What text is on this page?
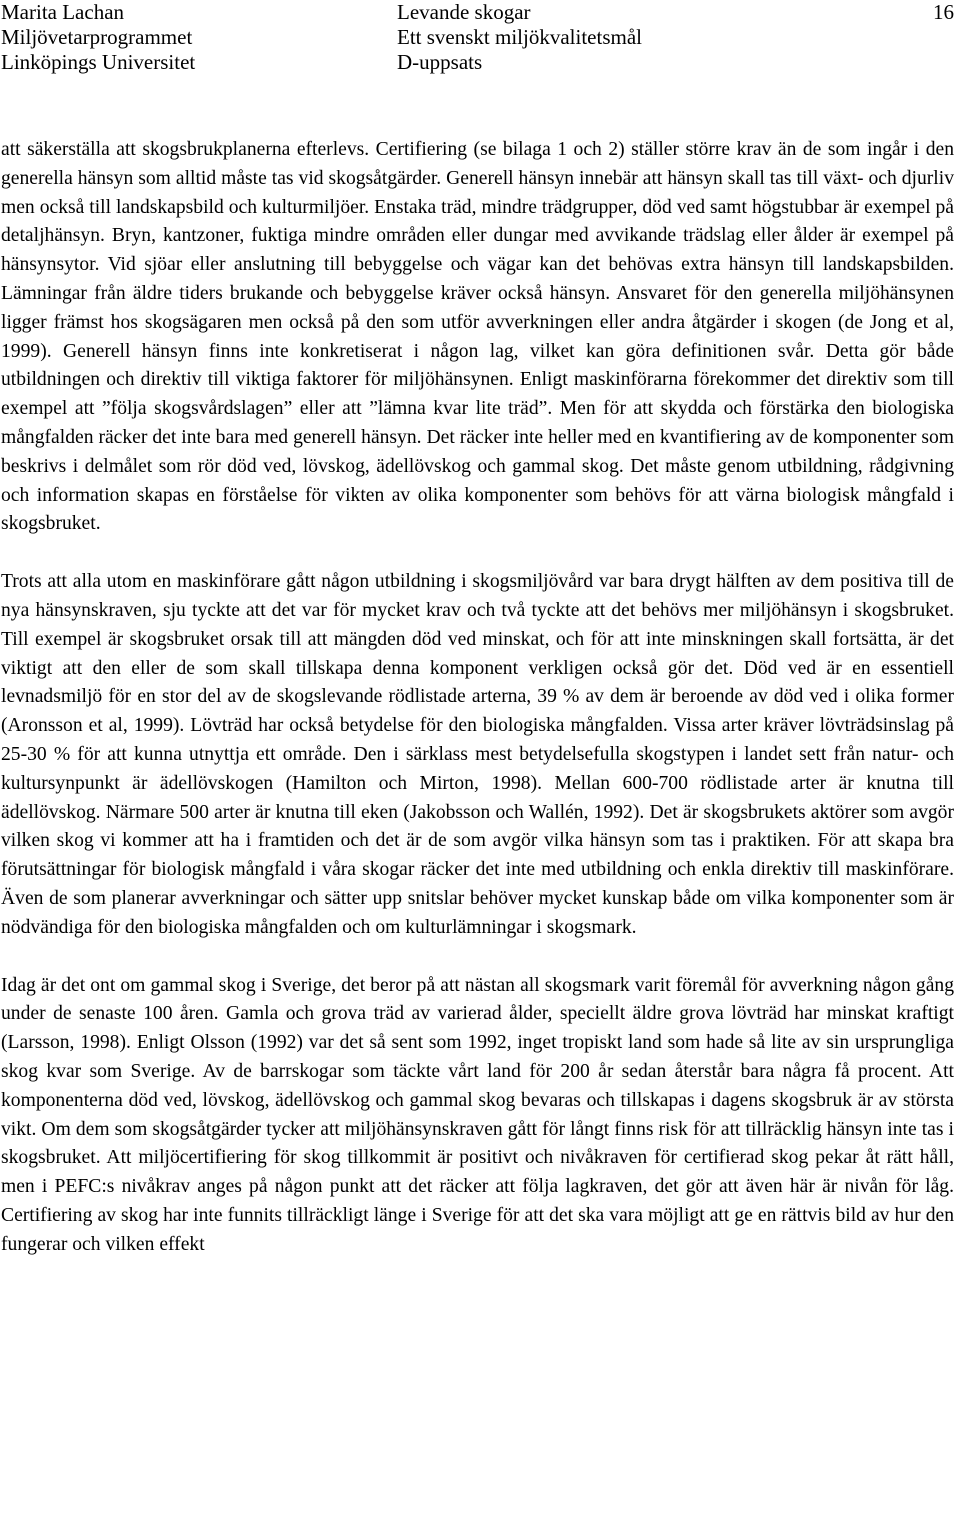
Marita Lachan
Miljövetarprogrammet
Linköpings Universitet
Levande skogar
Ett svenskt miljökvalitetsmål
D-uppsats
16

att säkerställa att skogsbrukplanerna efterlevs. Certifiering (se bilaga 1 och 2) ställer större krav än de som ingår i den generella hänsyn som alltid måste tas vid skogsåtgärder. Generell hänsyn innebär att hänsyn skall tas till växt- och djurliv men också till landskapsbild och kulturmiljöer. Enstaka träd, mindre trädgrupper, död ved samt högstubbar är exempel på detaljhänsyn. Bryn, kantzoner, fuktiga mindre områden eller dungar med avvikande trädslag eller ålder är exempel på hänsynsytor. Vid sjöar eller anslutning till bebyggelse och vägar kan det behövas extra hänsyn till landskapsbilden. Lämningar från äldre tiders brukande och bebyggelse kräver också hänsyn. Ansvaret för den generella miljöhänsynen ligger främst hos skogsägaren men också på den som utför avverkningen eller andra åtgärder i skogen (de Jong et al, 1999). Generell hänsyn finns inte konkretiserat i någon lag, vilket kan göra definitionen svår. Detta gör både utbildningen och direktiv till viktiga faktorer för miljöhänsynen. Enligt maskinförarna förekommer det direktiv som till exempel att ”följa skogsvårdslagen” eller att ”lämna kvar lite träd”. Men för att skydda och förstärka den biologiska mångfalden räcker det inte bara med generell hänsyn. Det räcker inte heller med en kvantifiering av de komponenter som beskrivs i delmålet som rör död ved, lövskog, ädellövskog och gammal skog. Det måste genom utbildning, rådgivning och information skapas en förståelse för vikten av olika komponenter som behövs för att värna biologisk mångfald i skogsbruket.

Trots att alla utom en maskinförare gått någon utbildning i skogsmiljövård var bara drygt hälften av dem positiva till de nya hänsynskraven, sju tyckte att det var för mycket krav och två tyckte att det behövs mer miljöhänsyn i skogsbruket. Till exempel är skogsbruket orsak till att mängden död ved minskat, och för att inte minskningen skall fortsätta, är det viktigt att den eller de som skall tillskapa denna komponent verkligen också gör det. Död ved är en essentiell levnadsmiljö för en stor del av de skogslevande rödlistade arterna, 39 % av dem är beroende av död ved i olika former (Aronsson et al, 1999). Lövträd har också betydelse för den biologiska mångfalden. Vissa arter kräver lövträdsinslag på 25-30 % för att kunna utnyttja ett område. Den i särklass mest betydelsefulla skogstypen i landet sett från natur- och kultursynpunkt är ädellövskogen (Hamilton och Mirton, 1998). Mellan 600-700 rödlistade arter är knutna till ädellövskog. Närmare 500 arter är knutna till eken (Jakobsson och Wallén, 1992). Det är skogsbrukets aktörer som avgör vilken skog vi kommer att ha i framtiden och det är de som avgör vilka hänsyn som tas i praktiken. För att skapa bra förutsättningar för biologisk mångfald i våra skogar räcker det inte med utbildning och enkla direktiv till maskinförare. Även de som planerar avverkningar och sätter upp snitslar behöver mycket kunskap både om vilka komponenter som är nödvändiga för den biologiska mångfalden och om kulturlämningar i skogsmark.

Idag är det ont om gammal skog i Sverige, det beror på att nästan all skogsmark varit föremål för avverkning någon gång under de senaste 100 åren. Gamla och grova träd av varierad ålder, speciellt äldre grova lövträd har minskat kraftigt (Larsson, 1998). Enligt Olsson (1992) var det så sent som 1992, inget tropiskt land som hade så lite av sin ursprungliga skog kvar som Sverige. Av de barrskogar som täckte vårt land för 200 år sedan återstår bara några få procent. Att komponenterna död ved, lövskog, ädellövskog och gammal skog bevaras och tillskapas i dagens skogsbruk är av största vikt. Om dem som skogsåtgärder tycker att miljöhänsynskraven gått för långt finns risk för att tillräcklig hänsyn inte tas i skogsbruket. Att miljöcertifiering för skog tillkommit är positivt och nivåkraven för certifierad skog pekar åt rätt håll, men i PEFC:s nivåkrav anges på någon punkt att det räcker att följa lagkraven, det gör att även här är nivån för låg. Certifiering av skog har inte funnits tillräckligt länge i Sverige för att det ska vara möjligt att ge en rättvis bild av hur den fungerar och vilken effekt
